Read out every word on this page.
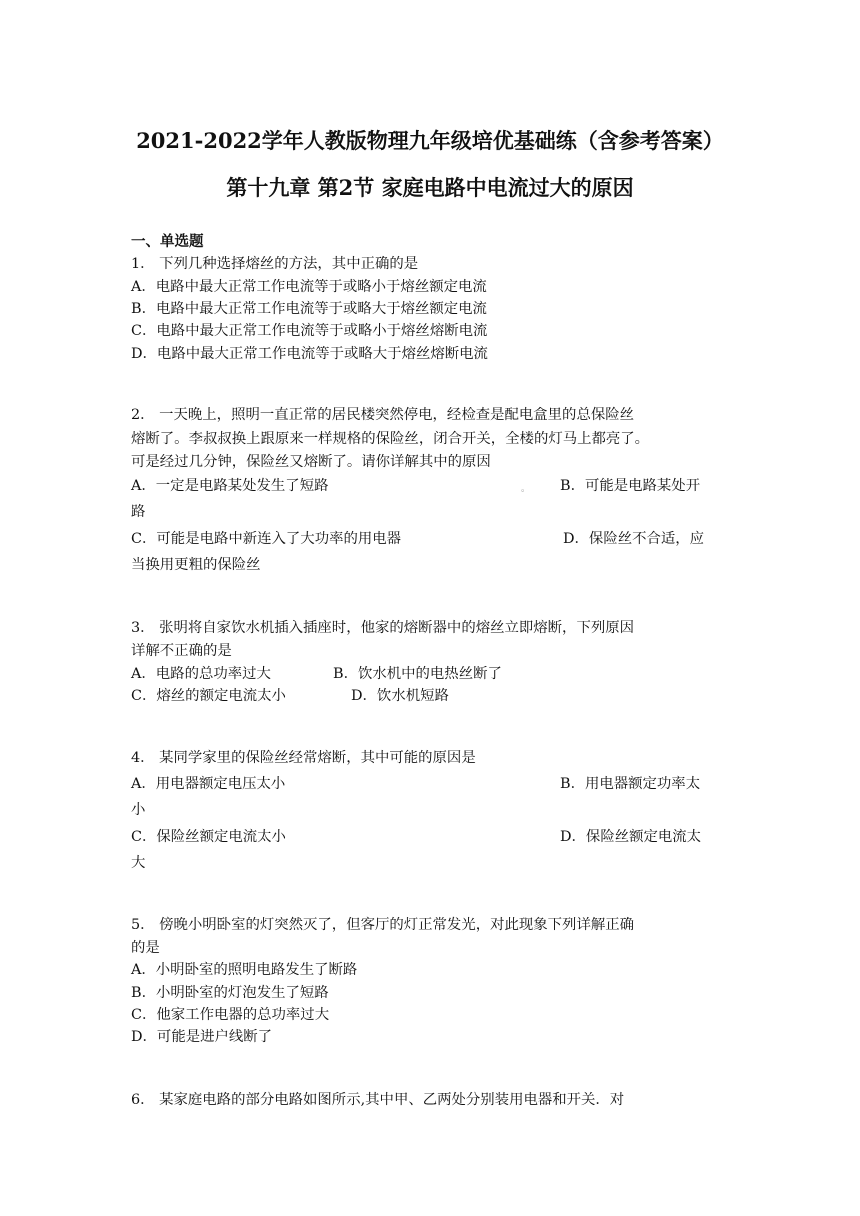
2021-2022学年人教版物理九年级培优基础练（含参考答案）
第十九章 第2节 家庭电路中电流过大的原因
一、单选题
1． 下列几种选择熔丝的方法，其中正确的是
A．电路中最大正常工作电流等于或略小于熔丝额定电流
B．电路中最大正常工作电流等于或略大于熔丝额定电流
C．电路中最大正常工作电流等于或略小于熔丝熔断电流
D．电路中最大正常工作电流等于或略大于熔丝熔断电流
2． 一天晚上，照明一直正常的居民楼突然停电，经检查是配电盒里的总保险丝
熔断了。李叔叔换上跟原来一样规格的保险丝，闭合开关，全楼的灯马上都亮了。
可是经过几分钟，保险丝又熔断了。请你详解其中的原因
A．一定是电路某处发生了短路	。 B．可能是电路某处开
路
C．可能是电路中新连入了大功率的用电器	D．保险丝不合适，应
当换用更粗的保险丝
3． 张明将自家饮水机插入插座时，他家的熔断器中的熔丝立即熔断，下列原因
详解不正确的是
A．电路的总功率过大	B．饮水机中的电热丝断了
C．熔丝的额定电流太小	D．饮水机短路
4． 某同学家里的保险丝经常熔断，其中可能的原因是
A．用电器额定电压太小	B．用电器额定功率太
小
C．保险丝额定电流太小	D．保险丝额定电流太
大
5． 傍晚小明卧室的灯突然灭了，但客厅的灯正常发光，对此现象下列详解正确
的是
A．小明卧室的照明电路发生了断路
B．小明卧室的灯泡发生了短路
C．他家工作电器的总功率过大
D．可能是进户线断了
6． 某家庭电路的部分电路如图所示,其中甲、乙两处分别装用电器和开关．对
